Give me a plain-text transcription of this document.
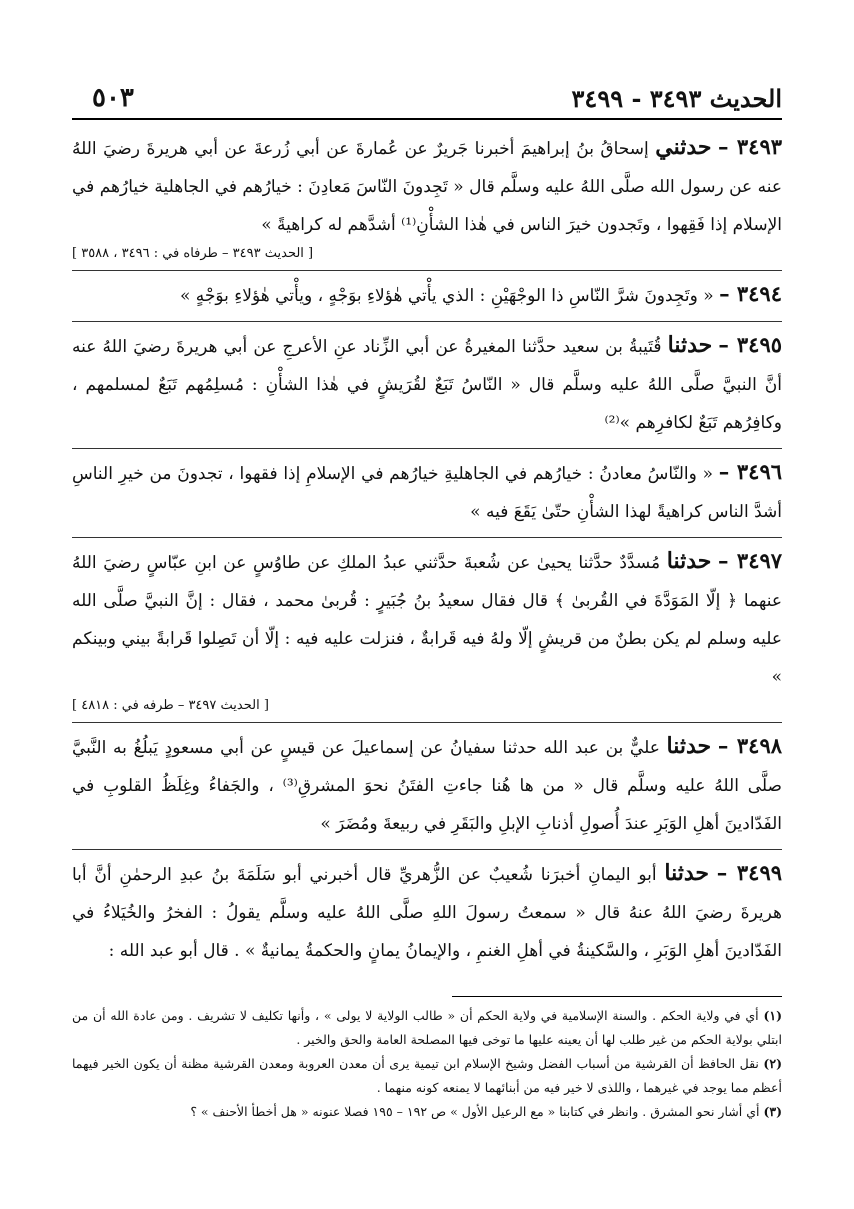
الحديث ٣٤٩٣ - ٣٤٩٩
٥٠٣

٣٤٩٣ – حدثني إسحاقُ بنُ إبراهيمَ أخبرنا جَريرٌ عن عُمارةَ عن أبي زُرعةَ عن أبي هريرةَ رضيَ اللهُ عنه عن رسول الله صلَّى اللهُ عليه وسلَّم قال « تَجِدونَ النّاسَ مَعادِنَ : خيارُهم في الجاهلية خيارُهم في الإسلام إذا فَقِهوا ، وتَجدون خيرَ الناس في هٰذا الشأْنِ⁽¹⁾ أشدَّهم له كراهيةً »

[ الحديث ٣٤٩٣ – طرفاه في : ٣٤٩٦ ، ٣٥٨٨ ]

٣٤٩٤ – « وتَجِدونَ شرَّ النّاسِ ذا الوجْهَيْنِ : الذي يأْتي هٰؤلاءِ بوَجْهٍ ، ويأْتي هٰؤلاءِ بوَجْهٍ »

٣٤٩٥ – حدثنا قُتَيبةُ بن سعيد حدَّثنا المغيرةُ عن أبي الزِّناد عنِ الأعرجِ عن أبي هريرةَ رضيَ اللهُ عنه أنَّ النبيَّ صلَّى اللهُ عليه وسلَّم قال « النّاسُ تَبَعٌ لقُرَيشٍ في هٰذا الشأْنِ : مُسلِمُهم تَبَعٌ لمسلمهم ، وكافِرُهم تَبَعٌ لكافرِهم »⁽²⁾

٣٤٩٦ – « والنّاسُ معادنُ : خيارُهم في الجاهليةِ خيارُهم في الإسلامِ إذا فقهوا ، تجدونَ من خيرِ الناسِ أشدَّ الناس كراهيةً لهذا الشأْنِ حتّىٰ يَقَعَ فيه »

٣٤٩٧ – حدثنا مُسدَّدٌ حدَّثنا يحيىٰ عن شُعبةَ حدَّثني عبدُ الملكِ عن طاوُسٍ عن ابنِ عبّاسٍ رضيَ اللهُ عنهما ﴿ إلّا المَوَدَّةَ في القُربىٰ ﴾ قال فقال سعيدُ بنُ جُبَيرٍ : قُربىٰ محمد ، فقال : إنَّ النبيَّ صلَّى الله عليه وسلم لم يكن بطنٌ من قريشٍ إلّا ولهُ فيه قَرابةٌ ، فنزلت عليه فيه : إلّا أن تَصِلوا قَرابةً بيني وبينكم »

[ الحديث ٣٤٩٧ – طرفه في : ٤٨١٨ ]

٣٤٩٨ – حدثنا عليٌّ بن عبد الله حدثنا سفيانُ عن إسماعيلَ عن قيسٍ عن أبي مسعودٍ يَبلُغُ به النَّبيَّ صلَّى اللهُ عليه وسلَّم قال « من ها هُنا جاءتِ الفتَنُ نحوَ المشرقِ⁽³⁾ ، والجَفاءُ وغِلَظُ القلوبِ في الفَدّادينَ أهلِ الوَبَرِ عندَ أُصولِ أذنابِ الإبلِ والبَقَرِ في ربيعةَ ومُضَرَ »

٣٤٩٩ – حدثنا أبو اليمانِ أخبرَنا شُعيبٌ عن الزُّهريِّ قال أخبرني أبو سَلَمَةَ بنُ عبدِ الرحمٰنِ أنَّ أبا هريرةَ رضيَ اللهُ عنهُ قال « سمعتُ رسولَ اللهِ صلَّى اللهُ عليه وسلَّم يقولُ : الفخرُ والخُيَلاءُ في الفَدّادينَ أهلِ الوَبَرِ ، والسَّكينةُ في أهلِ الغنمِ ، والإيمانُ يمانٍ والحكمةُ يمانيةٌ » . قال أبو عبد الله :

(١) أي في ولاية الحكم . والسنة الإسلامية في ولاية الحكم أن « طالب الولاية لا يولى » ، وأنها تكليف لا تشريف . ومن عادة الله أن من ابتلي بولاية الحكم من غير طلب لها أن يعينه عليها ما توخى فيها المصلحة العامة والحق والخير .

(٢) نقل الحافظ أن القرشية من أسباب الفضل وشيخ الإسلام ابن تيمية يرى أن معدن العروبة ومعدن القرشية مظنة أن يكون الخير فيهما أعظم مما يوجد في غيرهما ، واللذى لا خير فيه من أبنائهما لا يمنعه كونه منهما .

(٣) أي أشار نحو المشرق . وانظر في كتابنا « مع الرعيل الأول » ص ١٩٢ – ١٩٥ فصلا عنونه « هل أخطأ الأحنف » ؟
